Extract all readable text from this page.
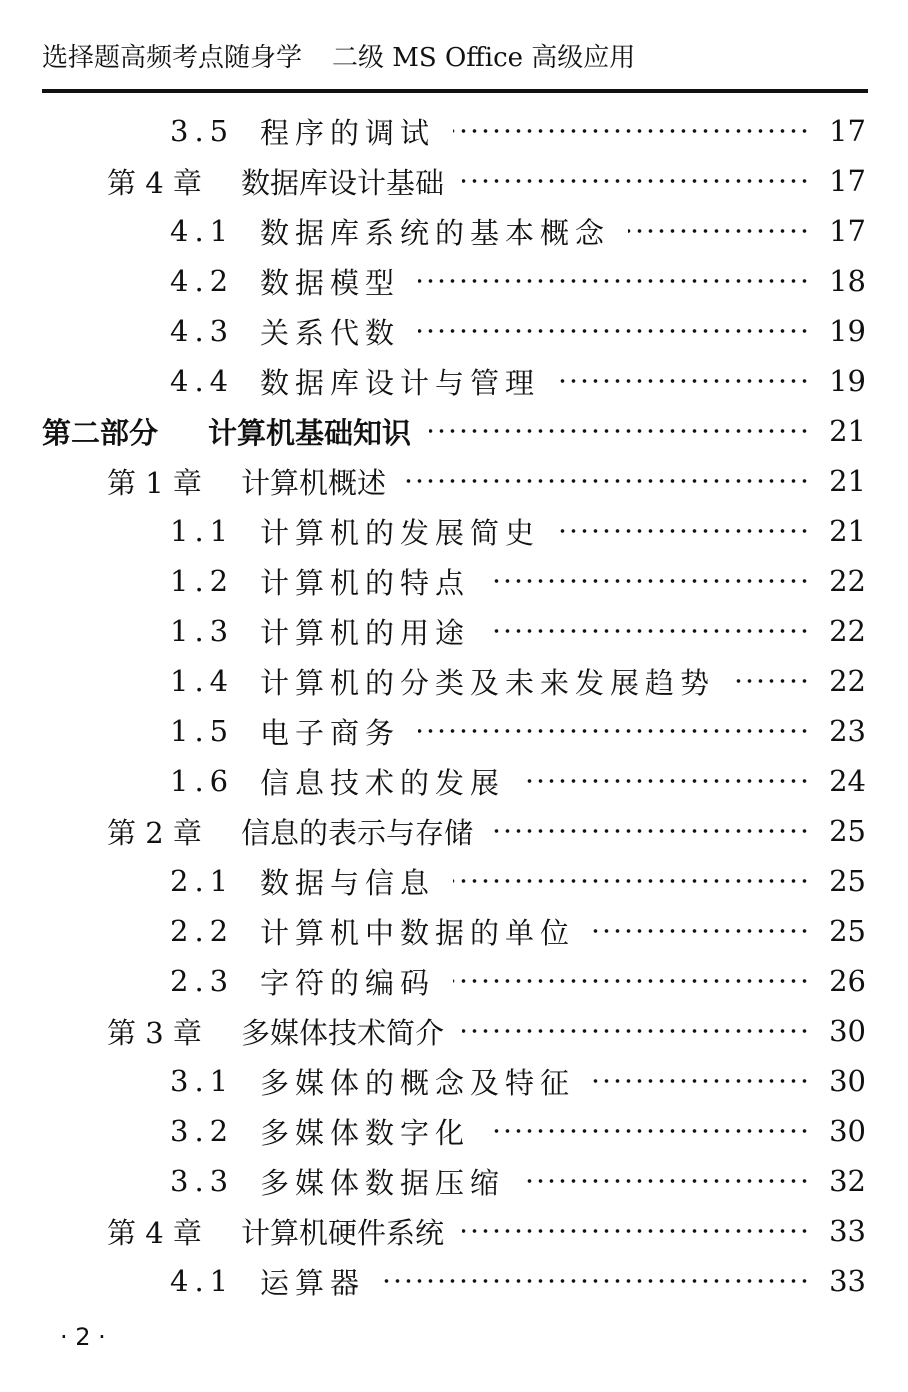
选择题高频考点随身学 二级 MS Office 高级应用
3.5 程序的调试	17
第 4 章	数据库设计基础	17
4.1 数据库系统的基本概念	17
4.2 数据模型	18
4.3 关系代数	19
4.4 数据库设计与管理	19
第二部分	计算机基础知识	21
第 1 章	计算机概述	21
1.1 计算机的发展简史	21
1.2 计算机的特点	22
1.3 计算机的用途	22
1.4 计算机的分类及未来发展趋势	22
1.5 电子商务	23
1.6 信息技术的发展	24
第 2 章	信息的表示与存储	25
2.1 数据与信息	25
2.2 计算机中数据的单位	25
2.3 字符的编码	26
第 3 章	多媒体技术简介	30
3.1 多媒体的概念及特征	30
3.2 多媒体数字化	30
3.3 多媒体数据压缩	32
第 4 章	计算机硬件系统	33
4.1 运算器	33
· 2 ·
